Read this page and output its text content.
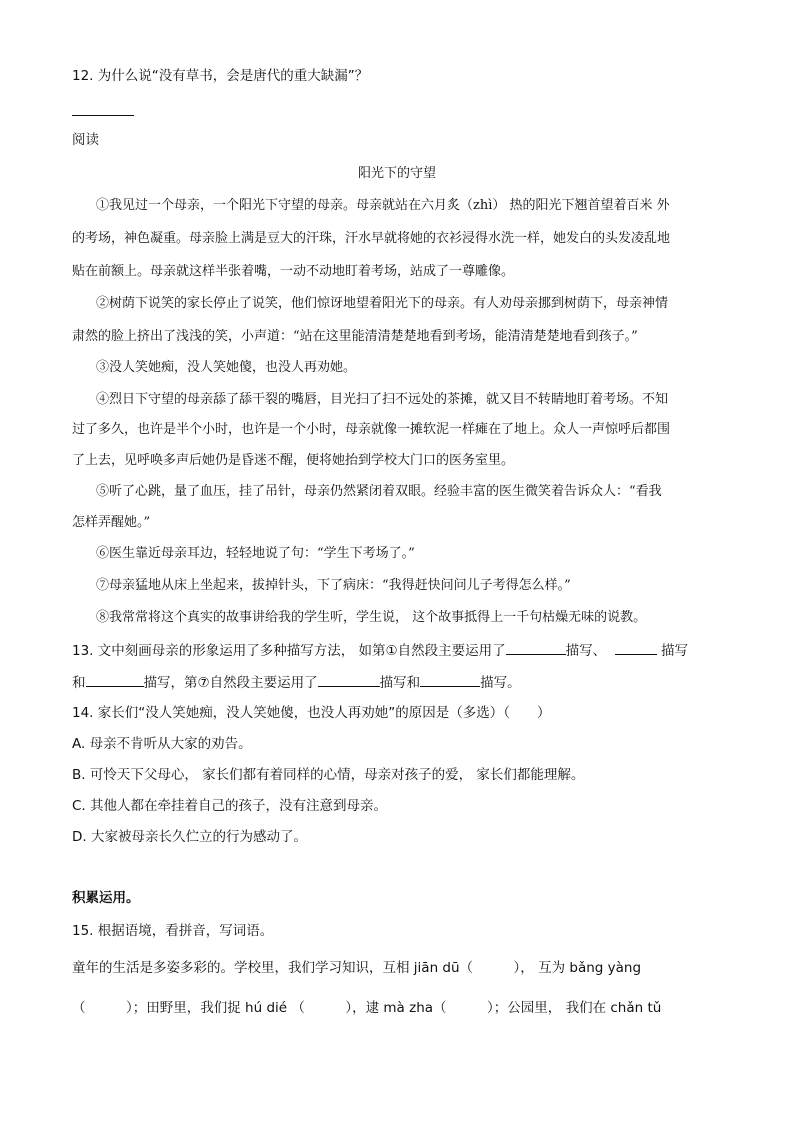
12. 为什么说“没有草书，会是唐代的重大缺漏”？
阅读
阳光下的守望
①我见过一个母亲，一个阳光下守望的母亲。母亲就站在六月炙（zhì） 热的阳光下翘首望着百米 外
的考场，神色凝重。母亲脸上满是豆大的汗珠，汗水早就将她的衣衫浸得水洗一样，她发白的头发凌乱地
贴在前额上。母亲就这样半张着嘴，一动不动地盯着考场，站成了一尊雕像。
②树荫下说笑的家长停止了说笑，他们惊讶地望着阳光下的母亲。有人劝母亲挪到树荫下，母亲神情
肃然的脸上挤出了浅浅的笑，小声道：“站在这里能清清楚楚地看到考场，能清清楚楚地看到孩子。”
③没人笑她痴，没人笑她傻，也没人再劝她。
④烈日下守望的母亲舔了舔干裂的嘴唇，目光扫了扫不远处的茶摊，就又目不转睛地盯着考场。不知
过了多久，也许是半个小时，也许是一个小时，母亲就像一摊软泥一样瘫在了地上。众人一声惊呼后都围
了上去，见呼唤多声后她仍是昏迷不醒，便将她抬到学校大门口的医务室里。
⑤听了心跳，量了血压，挂了吊针，母亲仍然紧闭着双眼。经验丰富的医生微笑着告诉众人：“看我
怎样弄醒她。”
⑥医生靠近母亲耳边，轻轻地说了句：“学生下考场了。”
⑦母亲猛地从床上坐起来，拔掉针头，下了病床：“我得赶快问问儿子考得怎么样。”
⑧我常常将这个真实的故事讲给我的学生听，学生说， 这个故事抵得上一千句枯燥无味的说教。
13. 文中刻画母亲的形象运用了多种描写方法， 如第①自然段主要运用了	描写、	描写
和	描写，第⑦自然段主要运用了	描写和	描写。
14. 家长们“没人笑她痴，没人笑她傻，也没人再劝她”的原因是（多选）（　　）
A. 母亲不肯听从大家的劝告。
B. 可怜天下父母心， 家长们都有着同样的心情，母亲对孩子的爱， 家长们都能理解。
C. 其他人都在牵挂着自己的孩子，没有注意到母亲。
D. 大家被母亲长久伫立的行为感动了。
积累运用。
15. 根据语境，看拼音，写词语。
童年的生活是多姿多彩的。学校里，我们学习知识，互相 jiān dū（　　　）， 互为 bǎng yàng
（　　　）；田野里，我们捉 hú dié （　　　），逮 mà zha（　　　）；公园里， 我们在 chǎn tǔ
